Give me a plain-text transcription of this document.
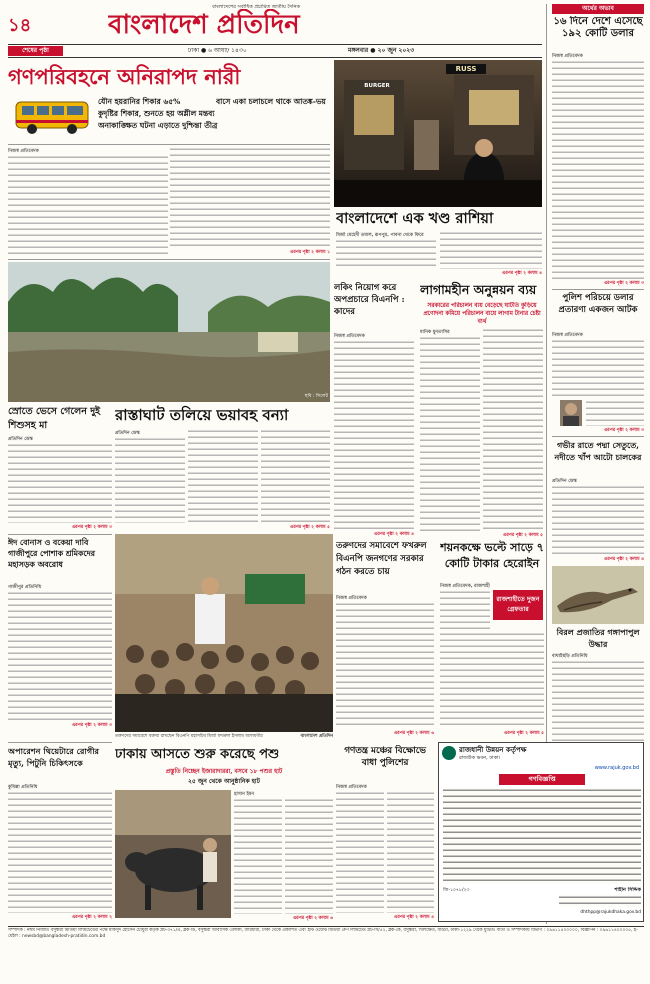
১৪
বাংলাদেশের সর্বাধিক প্রচারিত জাতীয় দৈনিক
বাংলাদেশ প্রতিদিন
শেষের পৃষ্ঠা	ঢাকা ● ৬ আষাঢ় ১৪৩০	মঙ্গলবার ● ২০ জুন ২০২৩
গণপরিবহনে অনিরাপদ নারী
যৌন হয়রানির শিকার ৬৫%	বাসে একা চলাচলে থাকে আতঙ্ক-ভয়
কুদৃষ্টির শিকার, শুনতে হয় অশ্লীল মন্তব্য
অনাকাঙ্ক্ষিত ঘটনা এড়াতে দুশ্চিন্তা তীব্র
নিজস্ব প্রতিবেদক
এরপর পৃষ্ঠা ২ কলাম ১
RUSS
BURGER
বাংলাদেশে এক খণ্ড রাশিয়া
মির্জা মেহেদী তমাল, রূপপুর, পাবনা থেকে ফিরে
এরপর পৃষ্ঠা ২ কলাম ৪
অর্থের অভাব
১৬ দিনে দেশে এসেছে ১৯২ কোটি ডলার
নিজস্ব প্রতিবেদক
এরপর পৃষ্ঠা ২ কলাম ৩
পুলিশ পরিচয়ে ডলার প্রতারণা একজন আটক
নিজস্ব প্রতিবেদক
এরপর পৃষ্ঠা ২ কলাম ৩
গভীর রাতে পদ্মা সেতুতে, নদীতে খাঁপ আটো চালকের
প্রতিদিন ডেস্ক
এরপর পৃষ্ঠা ২ কলাম ৪
বিরল প্রজাতির গঙ্গাপাপুল উদ্ধার
বাঘাইছড়ি প্রতিনিধি
ছবি : সিলেট
রাস্তাঘাট তলিয়ে ভয়াবহ বন্যা
প্রতিদিন ডেস্ক
এরপর পৃষ্ঠা ২ কলাম ৫
স্রোতে ভেসে গেলেন দুই শিশুসহ মা
প্রতিদিন ডেস্ক
এরপর পৃষ্ঠা ২ কলাম ৩
লকিং নিয়োগ করে অপপ্রচারে বিএনপি : কাদের
নিজস্ব প্রতিবেদক
এরপর পৃষ্ঠা ২ কলাম ৪
লাগামহীন অনুন্নয়ন ব্যয়
সরকারের পরিচালন ব্যয় বেড়েছে ঘাটতি কুড়িয়ে প্রণোদনা কমিয়ে পরিচালন ব্যয়ে লাগাম টানার চেষ্টা ব্যর্থ
মানিক মুনতাসির
এরপর পৃষ্ঠা ২ কলাম ৫
ঈদ বোনাস ও বকেয়া দাবি গাজীপুরে পোশাক শ্রমিকদের মহাসড়ক অবরোধ
গাজীপুর প্রতিনিধি
এরপর পৃষ্ঠা ২ কলাম ৩
তরুণদের সমাবেশে বক্তব্য রাখছেন বিএনপি মহাসচিব মির্জা ফখরুল ইসলাম আলমগীর	বাংলাদেশ প্রতিদিন
তরুণদের সমাবেশে ফখরুল বিএনপি জনগণের সরকার গঠন করতে চায়
নিজস্ব প্রতিবেদক
এরপর পৃষ্ঠা ২ কলাম ৬
শয়নকক্ষে ভল্টে সাড়ে ৭ কোটি টাকার হেরোইন
নিজস্ব প্রতিবেদক, রাজশাহী
রাজশাহীতে দুজন গ্রেফতার
এরপর পৃষ্ঠা ২ কলাম ৫
অপারেশন থিয়েটারে রোগীর মৃত্যু, পিটুনি চিকিৎসকে
কুমিল্লা প্রতিনিধি
এরপর পৃষ্ঠা ২ কলাম ২
ঢাকায় আসতে শুরু করেছে পশু
প্রস্তুতি নিচ্ছেন ইজারাদাররা, বসবে ১৮ পশুর হাট
২৫ জুন থেকে আনুষ্ঠানিক হাট
হাসান ইমন
এরপর পৃষ্ঠা ২ কলাম ৬
গণতন্ত্র মঞ্চের বিক্ষোভে বাধা পুলিশের
নিজস্ব প্রতিবেদক
এরপর পৃষ্ঠা ২ কলাম ৪
রাজধানী উন্নয়ন কর্তৃপক্ষ
রাজউক ভবন, ঢাকা।
www.rajuk.gov.bd
গণবিজ্ঞপ্তি
জি-১০৭৮/২৩	শাহীন সিদ্দিক
dhthpp@rajukdhaka.gov.bd
সম্পাদক : নঈম নিজাম। বসুন্ধরা মিডিয়া লিমিটেডের পক্ষে মাকসুদ হোসেন চৌধুরী কর্তৃক প্লট-৩৭১/এ, ব্লক-ডি, বসুন্ধরা আবাসিক এলাকা, বারিধারা, ঢাকা থেকে প্রকাশিত এবং ইস্ট ওয়েস্ট মিডিয়া গ্রুপ লিমিটেড প্লট-সি/৫২, ব্লক-কে, বসুন্ধরা, খিলক্ষেত, বাড্ডা, ঢাকা-১২২৯ থেকে মুদ্রিত। বার্তা ও সম্পাদকীয় বিভাগ : ০৯৬১১৪০০০০০, বিজ্ঞাপন : ০৯৬১১৪০০০০৫, ই-মেইল : newsbd@bangladesh-pratidin.com.bd
